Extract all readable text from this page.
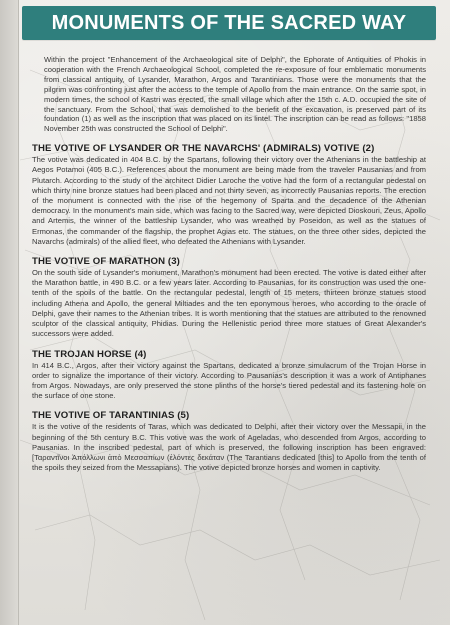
MONUMENTS OF THE SACRED WAY

Within the project "Enhancement of the Archaeological site of Delphi", the Ephorate of Antiquities of Phokis in cooperation with the French Archaeological School, completed the re-exposure of four emblematic monuments from classical antiquity, of Lysander, Marathon, Argos and Tarantinians. Those were the monuments that the pilgrim was confronting just after the access to the temple of Apollo from the main entrance. On the same spot, in modern times, the school of Kastri was erected, the small village which after the 15th c. A.D. occupied the site of the sanctuary. From the School, that was demolished to the benefit of the excavation, is preserved part of its foundation (1) as well as the inscription that was placed on its lintel. The inscription can be read as follows: "1858 November 25th was constructed the School of Delphi".

THE VOTIVE OF LYSANDER OR THE NAVARCHS' (ADMIRALS) VOTIVE (2)

The votive was dedicated in 404 B.C. by the Spartans, following their victory over the Athenians in the battleship at Aegos Potamoi (405 B.C.). References about the monument are being made from the traveler Pausanias and from Plutarch. According to the study of the architect Didier Laroche the votive had the form of a rectangular pedestal on which thirty nine bronze statues had been placed and not thirty seven, as incorrectly Pausanias reports. The erection of the monument is connected with the rise of the hegemony of Sparta and the decadence of the Athenian democracy. In the monument's main side, which was facing to the Sacred way, were depicted Dioskouri, Zeus, Apollo and Artemis, the winner of the battleship Lysander, who was wreathed by Poseidon, as well as the statues of Ermonas, the commander of the flagship, the prophet Agias etc. The statues, on the three other sides, depicted the Navarchs (admirals) of the allied fleet, who defeated the Athenians with Lysander.

THE VOTIVE OF MARATHON (3)

On the south side of Lysander's monument, Marathon's monument had been erected. The votive is dated either after the Marathon battle, in 490 B.C. or a few years later. According to Pausanias, for its construction was used the one-tenth of the spoils of the battle. On the rectangular pedestal, length of 15 meters, thirteen bronze statues stood including Athena and Apollo, the general Miltiades and the ten eponymous heroes, who according to the oracle of Delphi, gave their names to the Athenian tribes. It is worth mentioning that the statues are attributed to the renowned sculptor of the classical antiquity, Phidias. During the Hellenistic period three more statues of Great Alexander's successors were added.

THE TROJAN HORSE (4)

In 414 B.C., Argos, after their victory against the Spartans, dedicated a bronze simulacrum of the Trojan Horse in order to signalize the importance of their victory. According to Pausanias's description it was a work of Antiphanes from Argos. Nowadays, are only preserved the stone plinths of the horse's tiered pedestal and its fastening hole on the surface of one stone.

THE VOTIVE OF TARANTINIAS (5)

It is the votive of the residents of Taras, which was dedicated to Delphi, after their victory over the Messapii, in the beginning of the 5th century B.C. This votive was the work of Ageladas, who descended from Argos, according to Pausanias. In the inscribed pedestal, part of which is preserved, the following inscription has been engraved: [Ταραντῖνοι Ἀπόλλωνι ἀπὸ Μεσσαπίων (ἑλόντες δεκάταν (The Tarantians dedicated [this] to Apollo from the tenth of the spoils they seized from the Messapians). The votive depicted bronze horses and women in captivity.
